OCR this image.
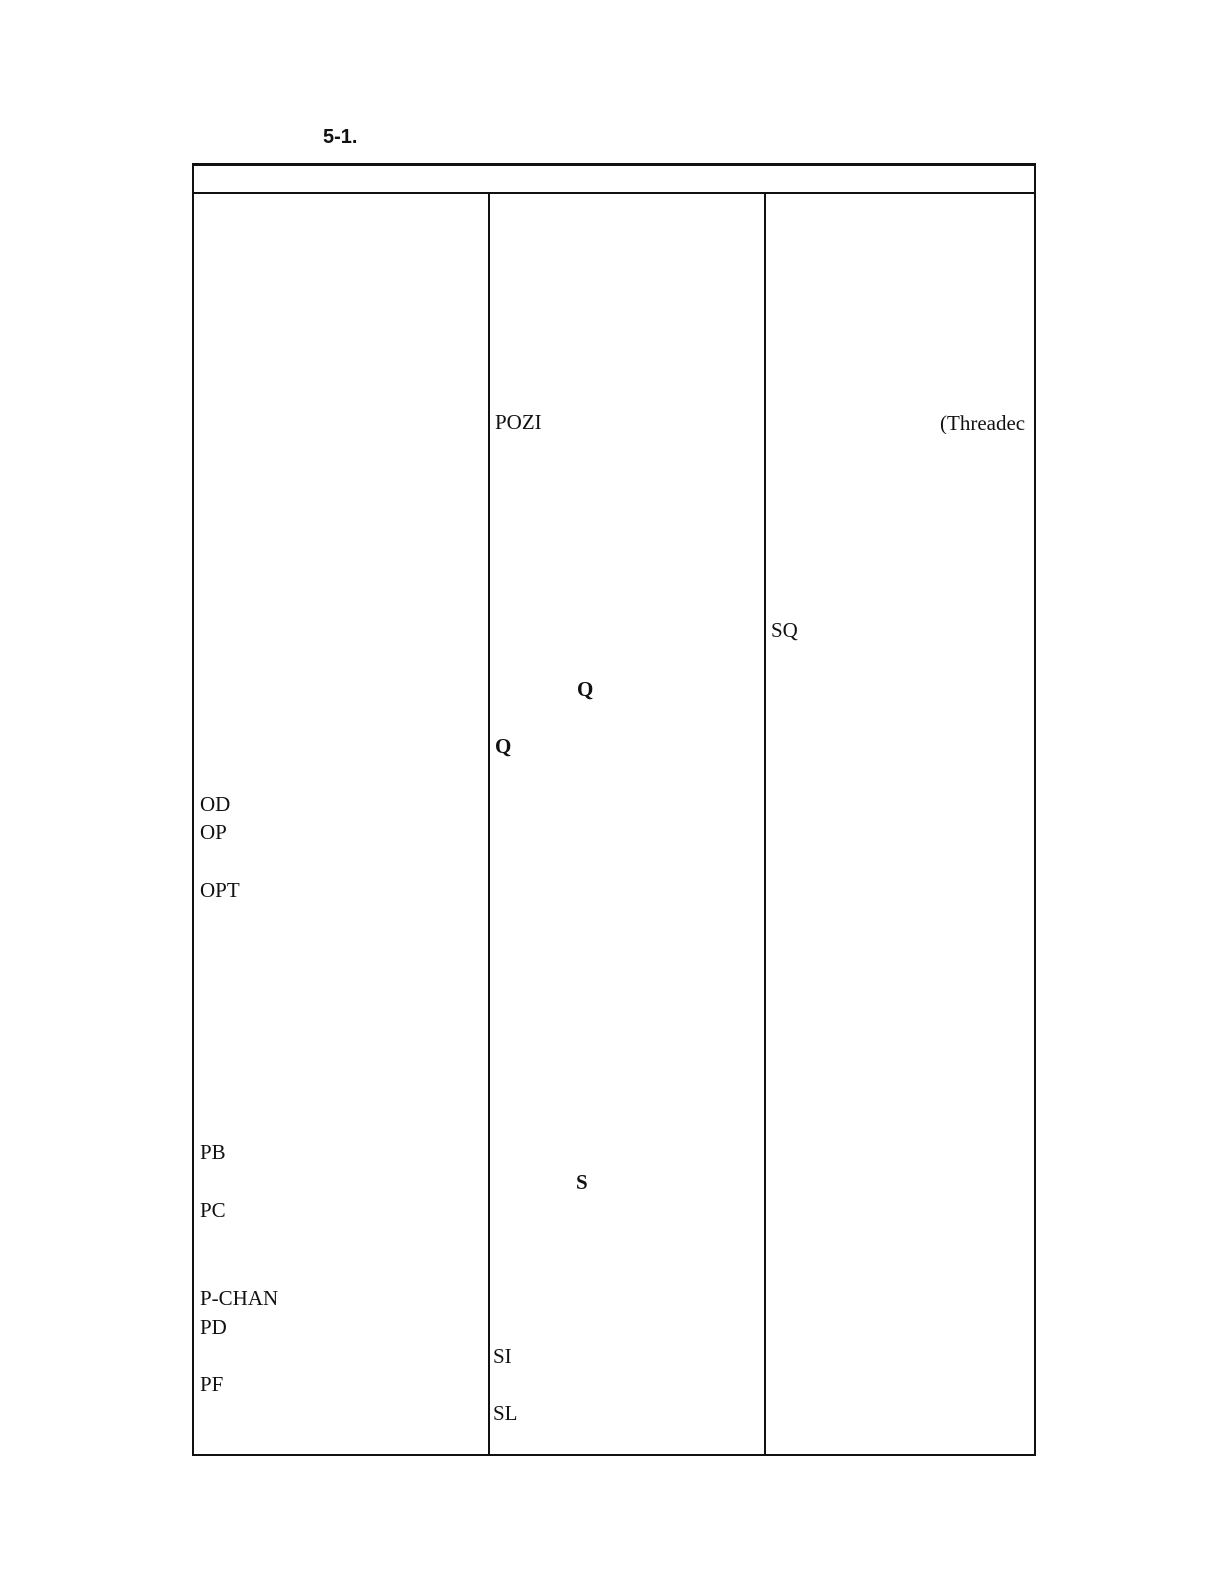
5-1.
OD
OP
OPT
PB
PC
P-CHAN
PD
PF
POZI
Q
Q
S
SI
SL
(Threadec
SQ
